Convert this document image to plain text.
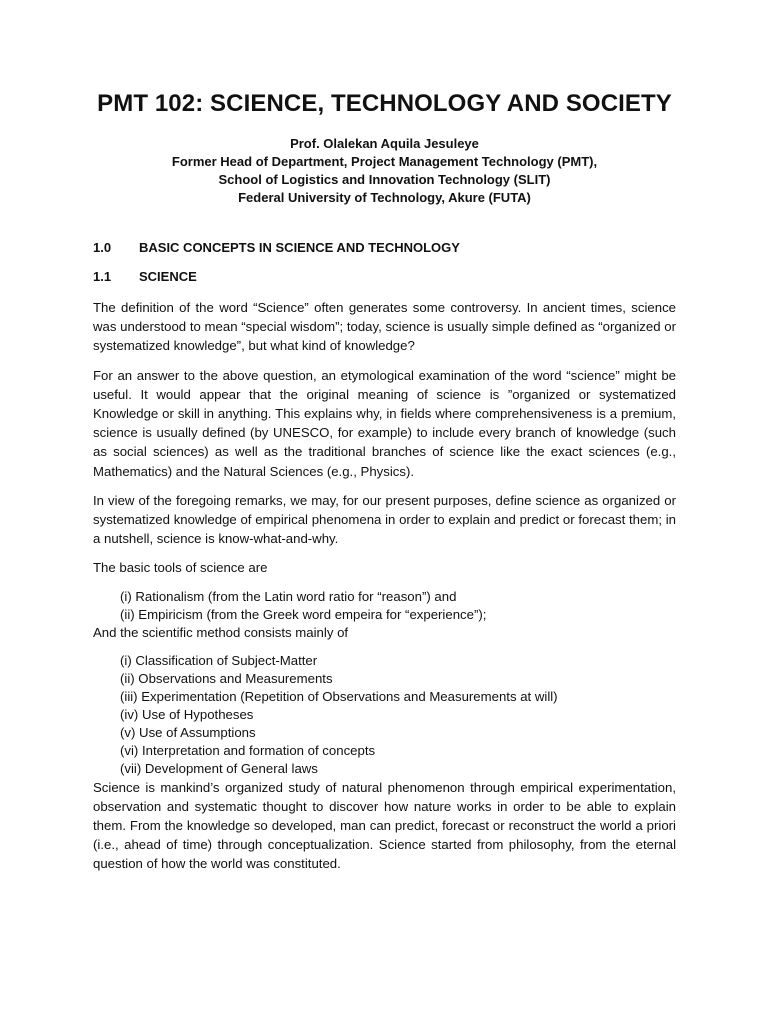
PMT 102: SCIENCE, TECHNOLOGY AND SOCIETY
Prof. Olalekan Aquila Jesuleye
Former Head of Department, Project Management Technology (PMT),
School of Logistics and Innovation Technology (SLIT)
Federal University of Technology, Akure (FUTA)
1.0	BASIC CONCEPTS IN SCIENCE AND TECHNOLOGY
1.1	SCIENCE

The definition of the word “Science” often generates some controversy. In ancient times, science was understood to mean “special wisdom”; today, science is usually simple defined as “organized or systematized knowledge”, but what kind of knowledge?

For an answer to the above question, an etymological examination of the word “science” might be useful. It would appear that the original meaning of science is ”organized or systematized Knowledge or skill in anything. This explains why, in fields where comprehensiveness is a premium, science is usually defined (by UNESCO, for example) to include every branch of knowledge (such as social sciences) as well as the traditional branches of science like the exact sciences (e.g., Mathematics) and the Natural Sciences (e.g., Physics).

In view of the foregoing remarks, we may, for our present purposes, define science as organized or systematized knowledge of empirical phenomena in order to explain and predict or forecast them; in a nutshell, science is know-what-and-why.

The basic tools of science are

(i) Rationalism (from the Latin word ratio for “reason”) and
(ii) Empiricism (from the Greek word empeira for “experience”);

And the scientific method consists mainly of

(i) Classification of Subject-Matter
(ii) Observations and Measurements
(iii) Experimentation (Repetition of Observations and Measurements at will)
(iv) Use of Hypotheses
(v) Use of Assumptions
(vi) Interpretation and formation of concepts
(vii) Development of General laws

Science is mankind’s organized study of natural phenomenon through empirical experimentation, observation and systematic thought to discover how nature works in order to be able to explain them. From the knowledge so developed, man can predict, forecast or reconstruct the world a priori (i.e., ahead of time) through conceptualization. Science started from philosophy, from the eternal question of how the world was constituted.
